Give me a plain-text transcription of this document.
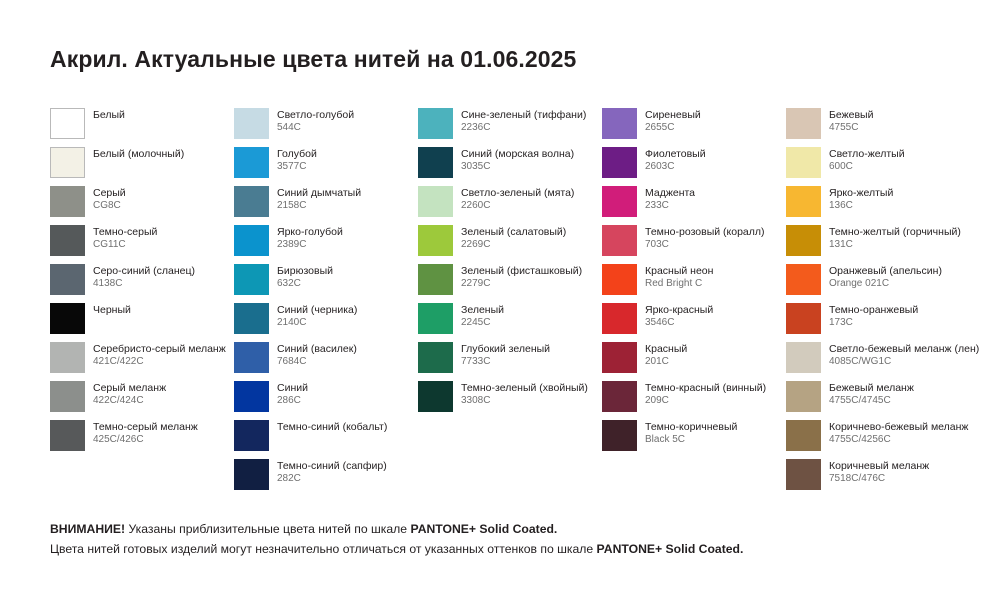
Акрил. Актуальные цвета нитей на 01.06.2025
Белый
Белый (молочный)
Серый
CG8C
Темно-серый
CG11C
Серо-синий (сланец)
4138C
Черный
Серебристо-серый меланж
421C/422C
Серый меланж
422C/424C
Темно-серый меланж
425C/426C
Светло-голубой
544C
Голубой
3577C
Синий дымчатый
2158C
Ярко-голубой
2389C
Бирюзовый
632C
Синий (черника)
2140C
Синий (василек)
7684C
Синий
286C
Темно-синий (кобальт)
Темно-синий (сапфир)
282C
Сине-зеленый (тиффани)
2236C
Синий (морская волна)
3035C
Светло-зеленый (мята)
2260C
Зеленый (салатовый)
2269C
Зеленый (фисташковый)
2279C
Зеленый
2245C
Глубокий зеленый
7733C
Темно-зеленый (хвойный)
3308C
Сиреневый
2655C
Фиолетовый
2603C
Маджента
233C
Темно-розовый (коралл)
703C
Красный неон
Red Bright C
Ярко-красный
3546C
Красный
201C
Темно-красный (винный)
209C
Темно-коричневый
Black 5C
Бежевый
4755C
Светло-желтый
600C
Ярко-желтый
136C
Темно-желтый (горчичный)
131C
Оранжевый (апельсин)
Orange 021C
Темно-оранжевый
173C
Светло-бежевый меланж (лен)
4085C/WG1C
Бежевый меланж
4755C/4745C
Коричнево-бежевый меланж
4755C/4256C
Коричневый меланж
7518C/476C
ВНИМАНИЕ! Указаны приблизительные цвета нитей по шкале PANTONE+ Solid Coated.
Цвета нитей готовых изделий могут незначительно отличаться от указанных оттенков по шкале PANTONE+ Solid Coated.
